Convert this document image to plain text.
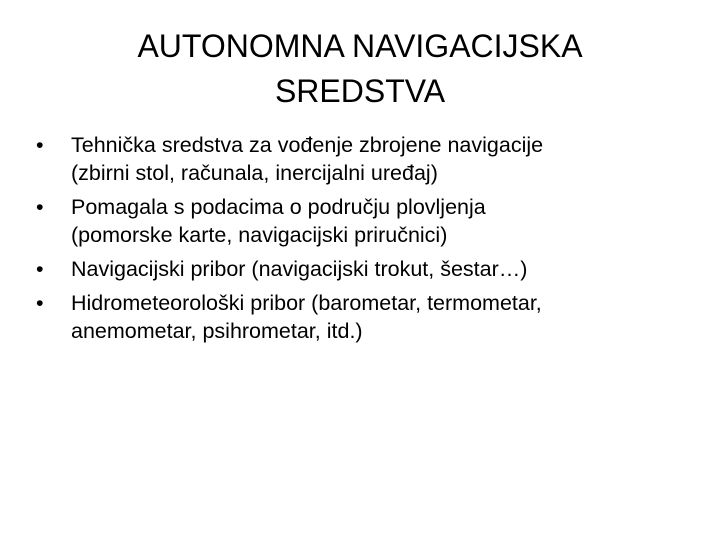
AUTONOMNA NAVIGACIJSKA
SREDSTVA
•	Tehnička sredstva za vođenje zbrojene navigacije
(zbirni stol, računala, inercijalni uređaj)
•	Pomagala s podacima o području plovljenja
(pomorske karte, navigacijski priručnici)
•	Navigacijski pribor (navigacijski trokut, šestar…)
•	Hidrometeorološki pribor (barometar, termometar,
anemometar, psihrometar, itd.)
